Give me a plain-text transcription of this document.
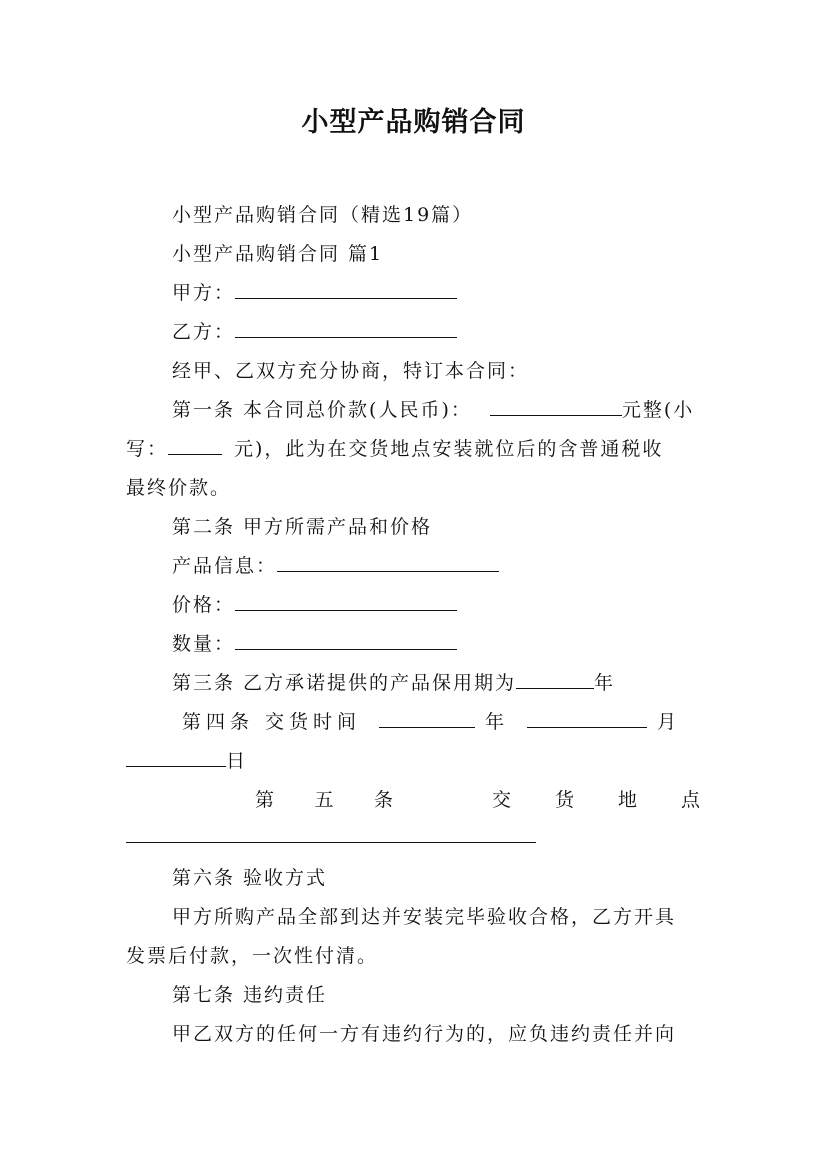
小型产品购销合同
小型产品购销合同（精选19篇）
小型产品购销合同 篇1
甲方：
乙方：
经甲、乙双方充分协商，特订本合同：
第一条 本合同总价款(人民币)：	元整(小
写：	元)，此为在交货地点安装就位后的含普通税收
最终价款。
第二条 甲方所需产品和价格
产品信息：
价格：
数量：
第三条 乙方承诺提供的产品保用期为	年
第四条 交货时间	年	月
日
第 五 条	交 货 地 点
第六条 验收方式
甲方所购产品全部到达并安装完毕验收合格，乙方开具
发票后付款，一次性付清。
第七条 违约责任
甲乙双方的任何一方有违约行为的，应负违约责任并向
